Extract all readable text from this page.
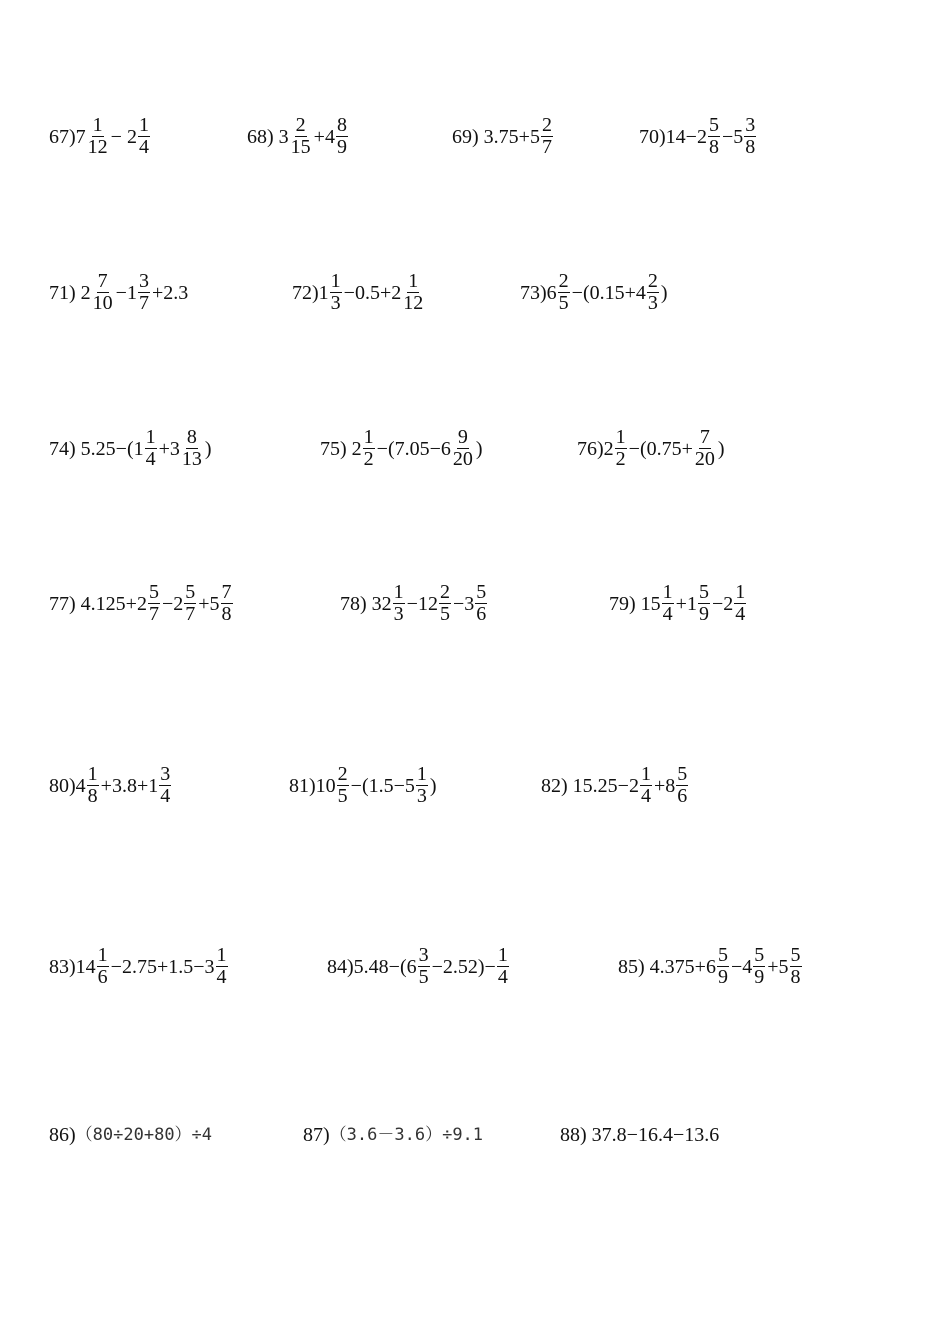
$67)7 \frac{1}{12} - 2 \frac{1}{4}$	68) $3 \frac{2}{15} +4 \frac{8}{9}$	69) $3.75+5 \frac{2}{7}$	$70)14-2 \frac{5}{8} -5 \frac{3}{8}$
71) $2 \frac{7}{10} -1 \frac{3}{7} +2.3$	$72)1 \frac{1}{3} -0.5+2 \frac{1}{12}$	$73)6 \frac{2}{5} -(0.15+4 \frac{2}{3}$ )
74) $5.25-(1 \frac{1}{4} +3 \frac{8}{13}$ )	75) $2 \frac{1}{2} -(7.05-6 \frac{9}{20}$ )	$76)2 \frac{1}{2} -(0.75+ \frac{7}{20}$ )
77) $4.125+2 \frac{5}{7} -2 \frac{5}{7} +5 \frac{7}{8}$	78) $32 \frac{1}{3} -12 \frac{2}{5} -3 \frac{5}{6}$	79) $15 \frac{1}{4} +1 \frac{5}{9} -2 \frac{1}{4}$
$80)4 \frac{1}{8} +3.8+1 \frac{3}{4}$	$81)10 \frac{2}{5} -(1.5-5 \frac{1}{3}$ )	82) $15.25-2 \frac{1}{4} +8 \frac{5}{6}$
$83)14 \frac{1}{6} -2.75+1.5-3 \frac{1}{4}$	$84)5.48-(6 \frac{3}{5} -2.52)- \frac{1}{4}$	85) $4.375+6 \frac{5}{9} -4 \frac{5}{9} +5 \frac{5}{8}$
86) （80÷20+80）÷4	87) （3.6－3.6）÷9.1	88) 37.8−16.4−13.6
